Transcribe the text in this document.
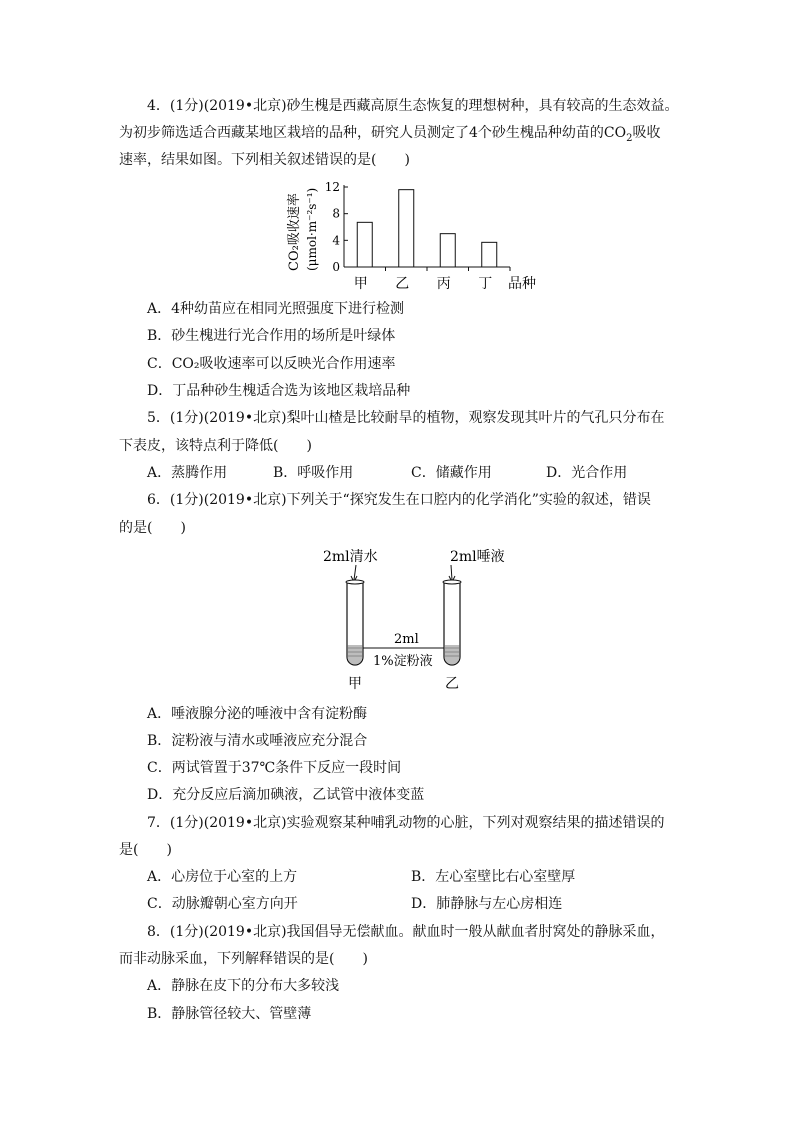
4．(1分)(2019•北京)砂生槐是西藏高原生态恢复的理想树种，具有较高的生态效益。
为初步筛选适合西藏某地区栽培的品种，研究人员测定了4个砂生槐品种幼苗的$CO_2$吸收
速率，结果如图。下列相关叙述错误的是(　　)
CO₂吸收速率 (μmol·m⁻²s⁻¹) 0
4
8
12
甲 乙 丙 丁 品种
A．4种幼苗应在相同光照强度下进行检测
B．砂生槐进行光合作用的场所是叶绿体
C．CO₂吸收速率可以反映光合作用速率
D．丁品种砂生槐适合选为该地区栽培品种
5．(1分)(2019•北京)梨叶山楂是比较耐旱的植物，观察发现其叶片的气孔只分布在
下表皮，该特点利于降低(　　)
A．蒸腾作用	B．呼吸作用	C．储藏作用	D．光合作用
6．(1分)(2019•北京)下列关于“探究发生在口腔内的化学消化”实验的叙述，错误
的是(　　)
2ml清水	2ml唾液
2ml
1%淀粉液
甲	乙
A．唾液腺分泌的唾液中含有淀粉酶
B．淀粉液与清水或唾液应充分混合
C．两试管置于37℃条件下反应一段时间
D．充分反应后滴加碘液，乙试管中液体变蓝
7．(1分)(2019•北京)实验观察某种哺乳动物的心脏，下列对观察结果的描述错误的
是(　　)
A．心房位于心室的上方	B．左心室壁比右心室壁厚
C．动脉瓣朝心室方向开	D．肺静脉与左心房相连
8．(1分)(2019•北京)我国倡导无偿献血。献血时一般从献血者肘窝处的静脉采血，
而非动脉采血，下列解释错误的是(　　)
A．静脉在皮下的分布大多较浅
B．静脉管径较大、管壁薄
